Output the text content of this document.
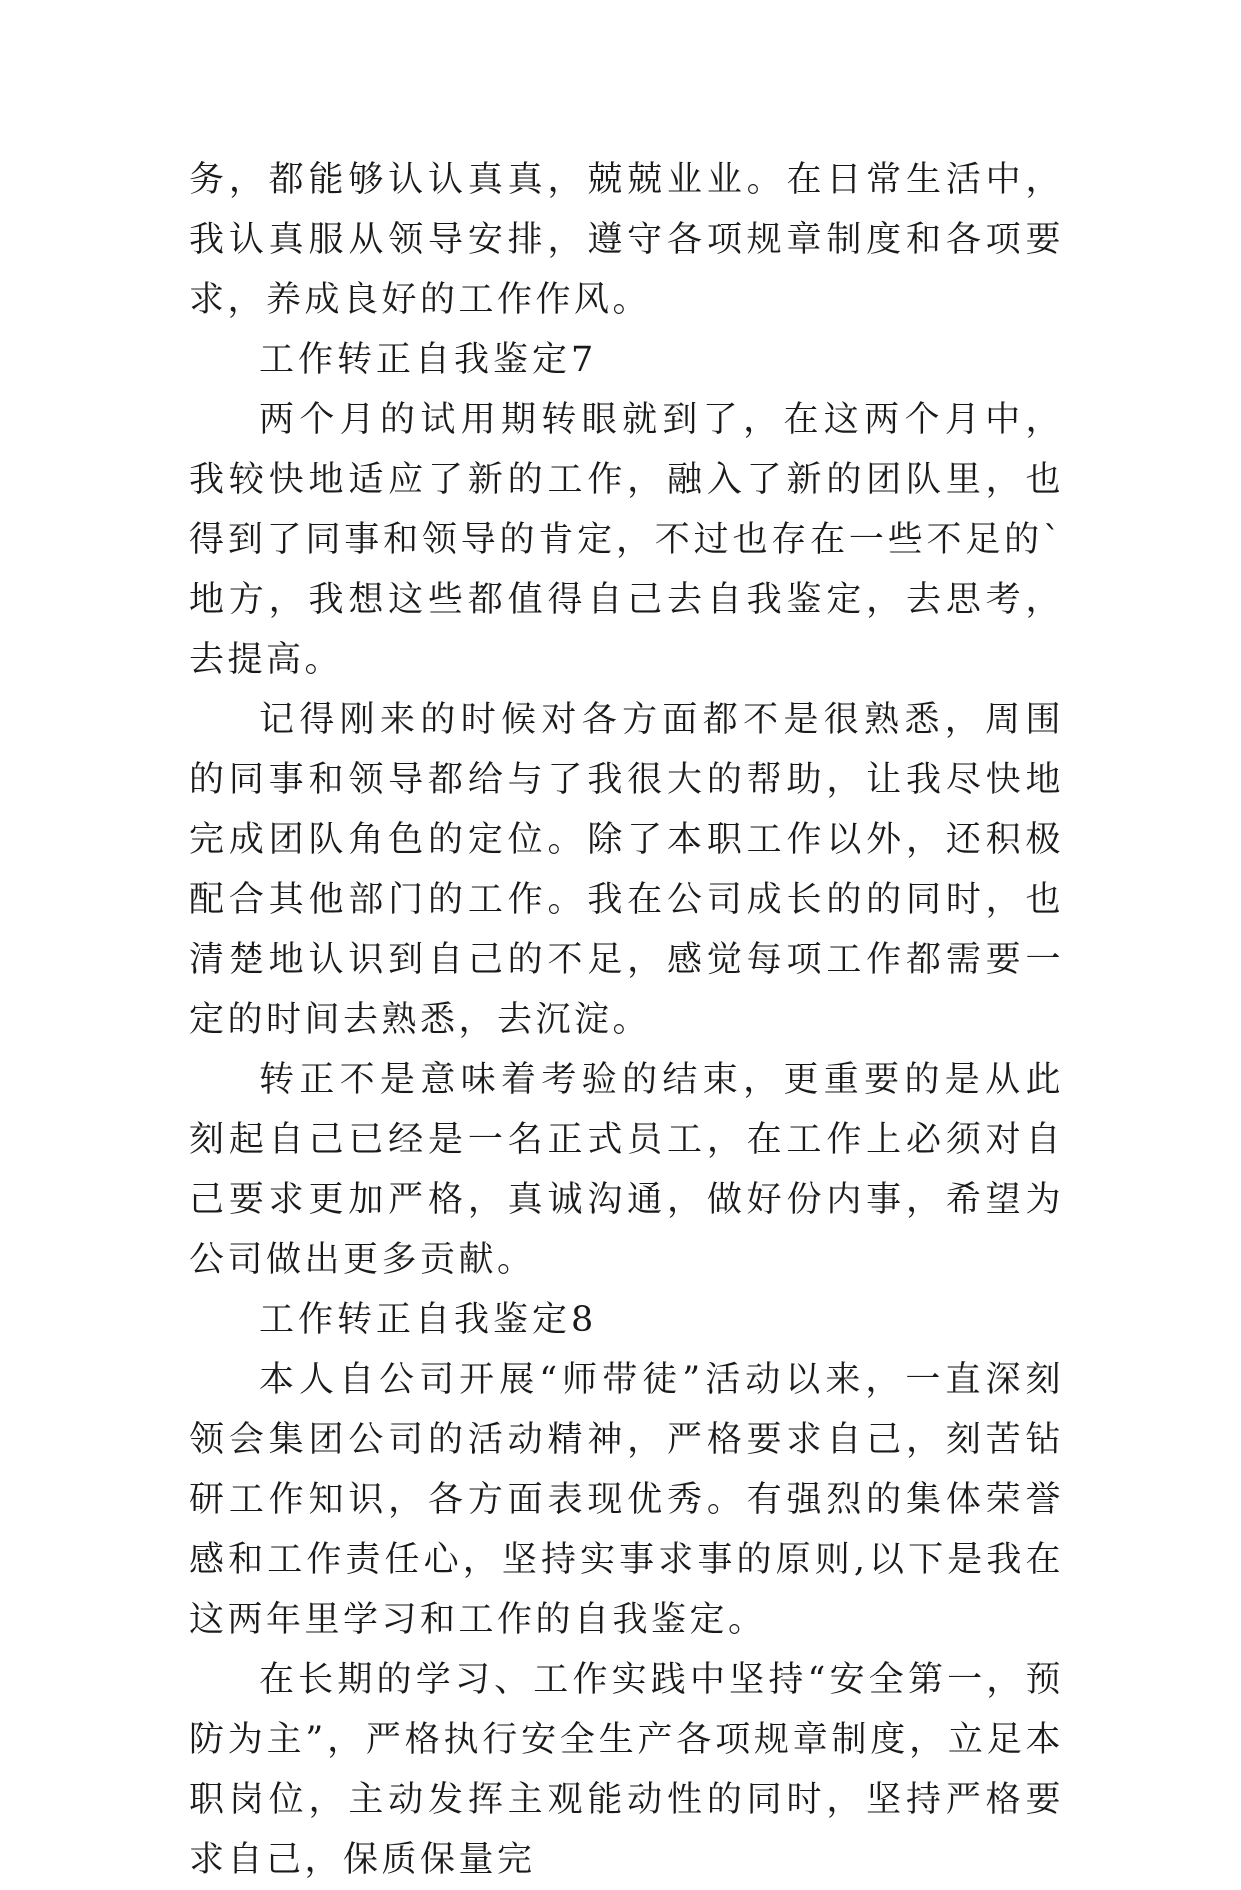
务，都能够认认真真，兢兢业业。在日常生活中，我认真服从领导安排，遵守各项规章制度和各项要求，养成良好的工作作风。

工作转正自我鉴定7

两个月的试用期转眼就到了，在这两个月中，我较快地适应了新的工作，融入了新的团队里，也得到了同事和领导的肯定，不过也存在一些不足的`地方，我想这些都值得自己去自我鉴定，去思考，去提高。

记得刚来的时候对各方面都不是很熟悉，周围的同事和领导都给与了我很大的帮助，让我尽快地完成团队角色的定位。除了本职工作以外，还积极配合其他部门的工作。我在公司成长的的同时，也清楚地认识到自己的不足，感觉每项工作都需要一定的时间去熟悉，去沉淀。

转正不是意味着考验的结束，更重要的是从此刻起自己已经是一名正式员工，在工作上必须对自己要求更加严格，真诚沟通，做好份内事，希望为公司做出更多贡献。

工作转正自我鉴定8

本人自公司开展“师带徒”活动以来，一直深刻领会集团公司的活动精神，严格要求自己，刻苦钻研工作知识，各方面表现优秀。有强烈的集体荣誉感和工作责任心，坚持实事求事的原则,以下是我在这两年里学习和工作的自我鉴定。

在长期的学习、工作实践中坚持“安全第一，预防为主”，严格执行安全生产各项规章制度，立足本职岗位，主动发挥主观能动性的同时，坚持严格要求自己，保质保量完
